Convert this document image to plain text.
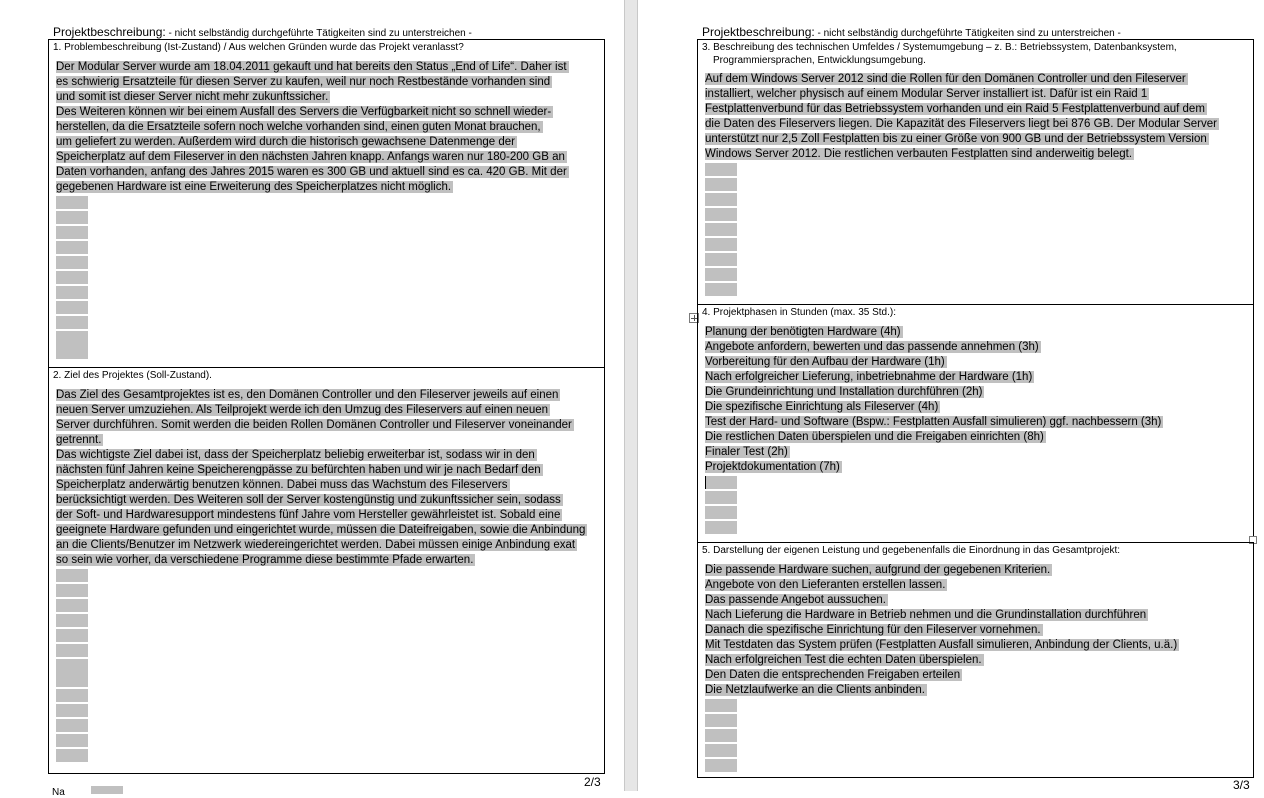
Projektbeschreibung: - nicht selbständig durchgeführte Tätigkeiten sind zu unterstreichen -
1. Problembeschreibung (Ist-Zustand) / Aus welchen Gründen wurde das Projekt veranlasst?
Der Modular Server wurde am 18.04.2011 gekauft und hat bereits den Status „End of Life“. Daher ist
es schwierig Ersatzteile für diesen Server zu kaufen, weil nur noch Restbestände vorhanden sind
und somit ist dieser Server nicht mehr zukunftssicher.
Des Weiteren können wir bei einem Ausfall des Servers die Verfügbarkeit nicht so schnell wieder-
herstellen, da die Ersatzteile sofern noch welche vorhanden sind, einen guten Monat brauchen,
um geliefert zu werden. Außerdem wird durch die historisch gewachsene Datenmenge der
Speicherplatz auf dem Fileserver in den nächsten Jahren knapp. Anfangs waren nur 180-200 GB an
Daten vorhanden, anfang des Jahres 2015 waren es 300 GB und aktuell sind es ca. 420 GB. Mit der
gegebenen Hardware ist eine Erweiterung des Speicherplatzes nicht möglich.
2. Ziel des Projektes (Soll-Zustand).
Das Ziel des Gesamtprojektes ist es, den Domänen Controller und den Fileserver jeweils auf einen
neuen Server umzuziehen. Als Teilprojekt werde ich den Umzug des Fileservers auf einen neuen
Server durchführen. Somit werden die beiden Rollen Domänen Controller und Fileserver voneinander
getrennt.
Das wichtigste Ziel dabei ist, dass der Speicherplatz beliebig erweiterbar ist, sodass wir in den
nächsten fünf Jahren keine Speicherengpässe zu befürchten haben und wir je nach Bedarf den
Speicherplatz anderwärtig benutzen können. Dabei muss das Wachstum des Fileservers
berücksichtigt werden. Des Weiteren soll der Server kostengünstig und zukunftssicher sein, sodass
der Soft- und Hardwaresupport mindestens fünf Jahre vom Hersteller gewährleistet ist. Sobald eine
geeignete Hardware gefunden und eingerichtet wurde, müssen die Dateifreigaben, sowie die Anbindung
an die Clients/Benutzer im Netzwerk wiedereingerichtet werden. Dabei müssen einige Anbindung exat
so sein wie vorher, da verschiedene Programme diese bestimmte Pfade erwarten.
2/3
Na
Projektbeschreibung: - nicht selbständig durchgeführte Tätigkeiten sind zu unterstreichen -
3. Beschreibung des technischen Umfeldes / Systemumgebung – z. B.: Betriebssystem, Datenbanksystem,
Programmiersprachen, Entwicklungsumgebung.
Auf dem Windows Server 2012 sind die Rollen für den Domänen Controller und den Fileserver
installiert, welcher physisch auf einem Modular Server installiert ist. Dafür ist ein Raid 1
Festplattenverbund für das Betriebssystem vorhanden und ein Raid 5 Festplattenverbund auf dem
die Daten des Fileservers liegen. Die Kapazität des Fileservers liegt bei 876 GB. Der Modular Server
unterstützt nur 2,5 Zoll Festplatten bis zu einer Größe von 900 GB und der Betriebssystem Version
Windows Server 2012. Die restlichen verbauten Festplatten sind anderweitig belegt.
4. Projektphasen in Stunden (max. 35 Std.):
Planung der benötigten Hardware (4h)
Angebote anfordern, bewerten und das passende annehmen (3h)
Vorbereitung für den Aufbau der Hardware (1h)
Nach erfolgreicher Lieferung, inbetriebnahme der Hardware (1h)
Die Grundeinrichtung und Installation durchführen (2h)
Die spezifische Einrichtung als Fileserver (4h)
Test der Hard- und Software (Bspw.: Festplatten Ausfall simulieren) ggf. nachbessern (3h)
Die restlichen Daten überspielen und die Freigaben einrichten (8h)
Finaler Test (2h)
Projektdokumentation (7h)
5. Darstellung der eigenen Leistung und gegebenenfalls die Einordnung in das Gesamtprojekt:
Die passende Hardware suchen, aufgrund der gegebenen Kriterien.
Angebote von den Lieferanten erstellen lassen.
Das passende Angebot aussuchen.
Nach Lieferung die Hardware in Betrieb nehmen und die Grundinstallation durchführen
Danach die spezifische Einrichtung für den Fileserver vornehmen.
Mit Testdaten das System prüfen (Festplatten Ausfall simulieren, Anbindung der Clients, u.ä.)
Nach erfolgreichen Test die echten Daten überspielen.
Den Daten die entsprechenden Freigaben erteilen
Die Netzlaufwerke an die Clients anbinden.
3/3
